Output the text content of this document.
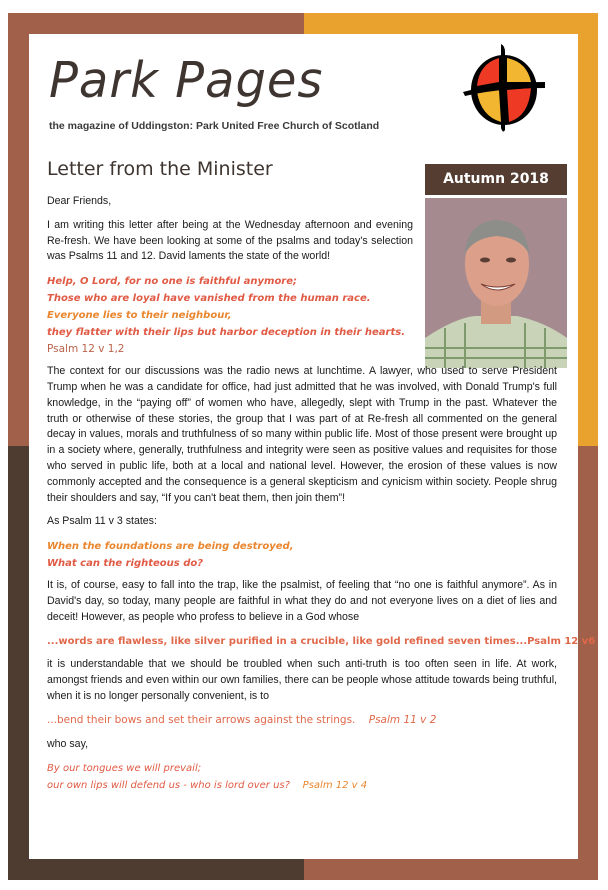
Park Pages
the magazine of Uddingston: Park United Free Church of Scotland
Letter from the Minister	Autumn 2018

Dear Friends,

I am writing this letter after being at the Wednesday afternoon and evening Re-fresh. We have been looking at some of the psalms and today's selection was Psalms 11 and 12. David laments the state of the world!

Help, O Lord, for no one is faithful anymore;
Those who are loyal have vanished from the human race.
Everyone lies to their neighbour,
they flatter with their lips but harbor deception in their hearts.
Psalm 12 v 1,2

The context for our discussions was the radio news at lunchtime. A lawyer, who used to serve President Trump when he was a candidate for office, had just admitted that he was involved, with Donald Trump's full knowledge, in the “paying off” of women who have, allegedly, slept with Trump in the past. Whatever the truth or otherwise of these stories, the group that I was part of at Re-fresh all commented on the general decay in values, morals and truthfulness of so many within public life. Most of those present were brought up in a society where, generally, truthfulness and integrity were seen as positive values and requisites for those who served in public life, both at a local and national level. However, the erosion of these values is now commonly accepted and the consequence is a general skepticism and cynicism within society. People shrug their shoulders and say, “If you can't beat them, then join them”!

As Psalm 11 v 3 states:

When the foundations are being destroyed,
What can the righteous do?

It is, of course, easy to fall into the trap, like the psalmist, of feeling that “no one is faithful anymore”. As in David's day, so today, many people are faithful in what they do and not everyone lives on a diet of lies and deceit! However, as people who profess to believe in a God whose

...words are flawless, like silver purified in a crucible, like gold refined seven times...Psalm 12 v6

it is understandable that we should be troubled when such anti-truth is too often seen in life. At work, amongst friends and even within our own families, there can be people whose attitude towards being truthful, when it is no longer personally convenient, is to

...bend their bows and set their arrows against the strings. Psalm 11 v 2

who say,

By our tongues we will prevail;
our own lips will defend us - who is lord over us? Psalm 12 v 4
